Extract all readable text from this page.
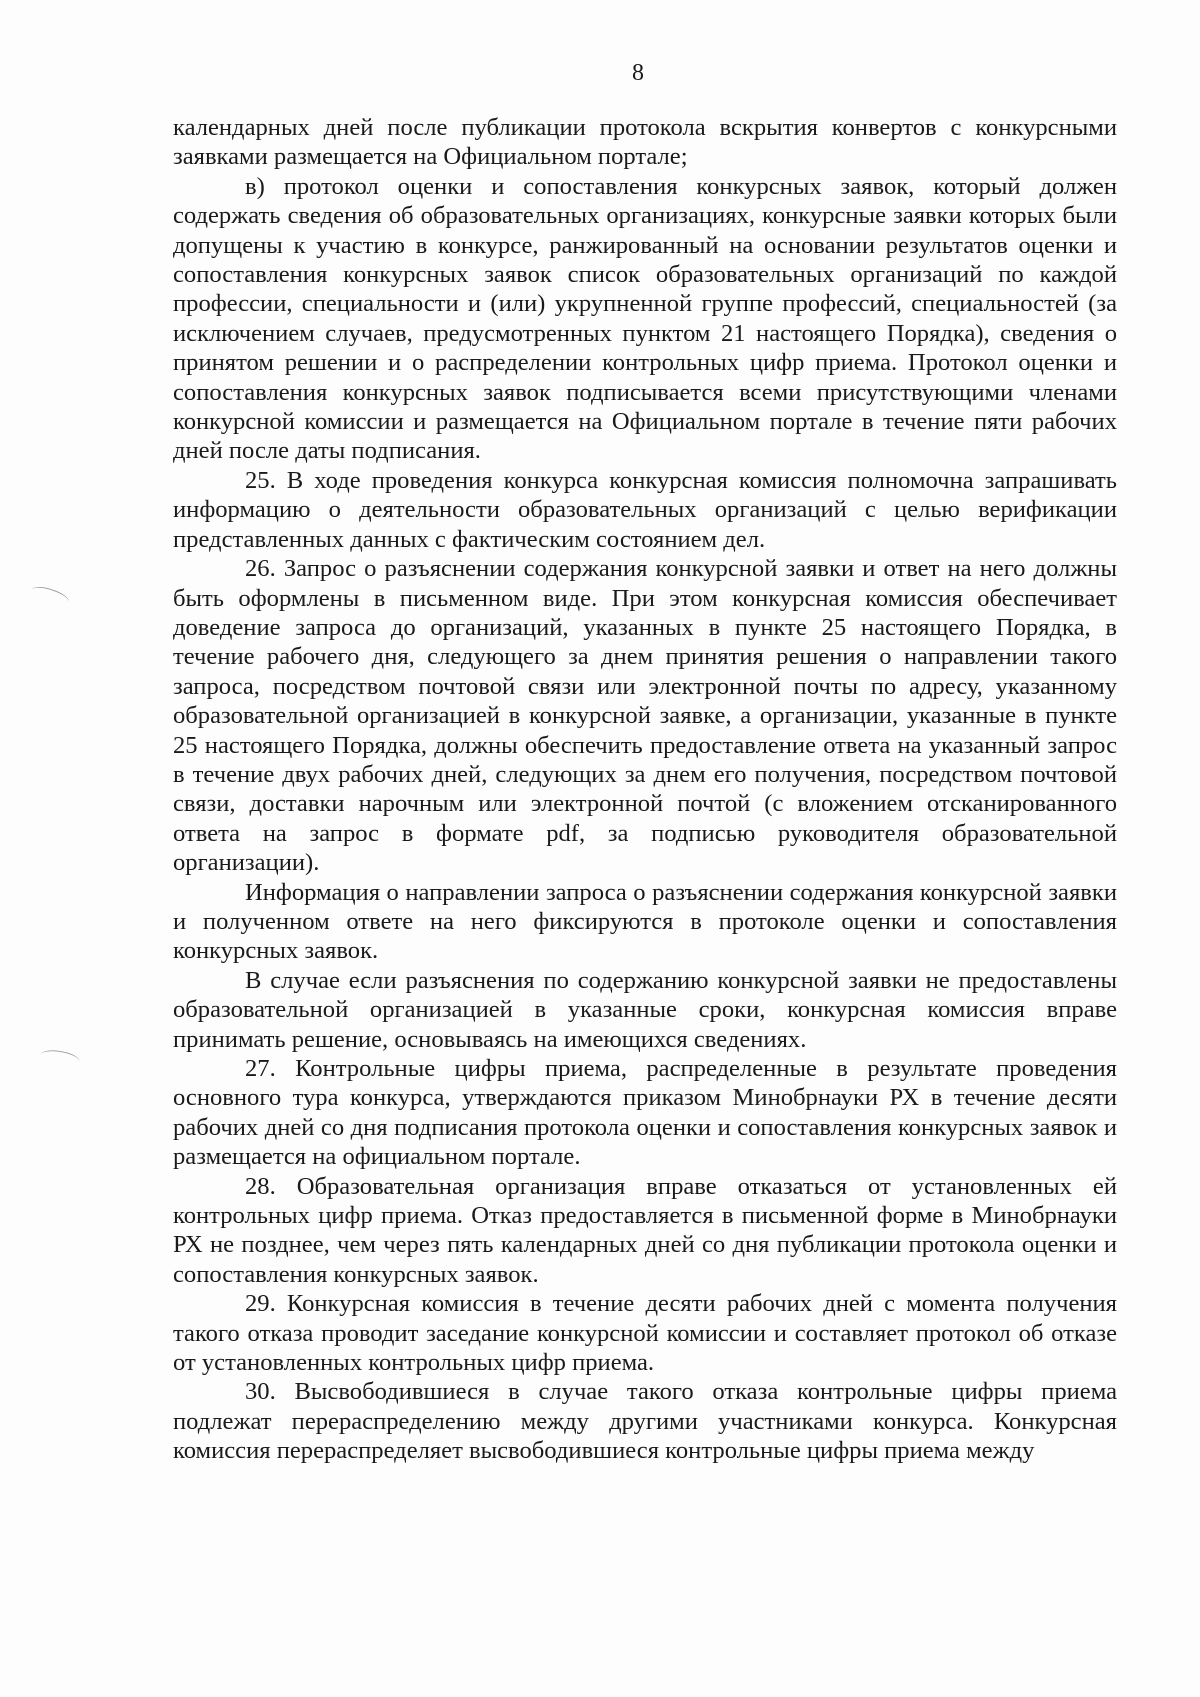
8

календарных дней после публикации протокола вскрытия конвертов с конкурсными заявками размещается на Официальном портале;

в) протокол оценки и сопоставления конкурсных заявок, который должен содержать сведения об образовательных организациях, конкурсные заявки которых были допущены к участию в конкурсе, ранжированный на основании результатов оценки и сопоставления конкурсных заявок список образовательных организаций по каждой профессии, специальности и (или) укрупненной группе профессий, специальностей (за исключением случаев, предусмотренных пунктом 21 настоящего Порядка), сведения о принятом решении и о распределении контрольных цифр приема. Протокол оценки и сопоставления конкурсных заявок подписывается всеми присутствующими членами конкурсной комиссии и размещается на Официальном портале в течение пяти рабочих дней после даты подписания.

25. В ходе проведения конкурса конкурсная комиссия полномочна запрашивать информацию о деятельности образовательных организаций с целью верификации представленных данных с фактическим состоянием дел.

26. Запрос о разъяснении содержания конкурсной заявки и ответ на него должны быть оформлены в письменном виде. При этом конкурсная комиссия обеспечивает доведение запроса до организаций, указанных в пункте 25 настоящего Порядка, в течение рабочего дня, следующего за днем принятия решения о направлении такого запроса, посредством почтовой связи или электронной почты по адресу, указанному образовательной организацией в конкурсной заявке, а организации, указанные в пункте 25 настоящего Порядка, должны обеспечить предоставление ответа на указанный запрос в течение двух рабочих дней, следующих за днем его получения, посредством почтовой связи, доставки нарочным или электронной почтой (с вложением отсканированного ответа на запрос в формате pdf, за подписью руководителя образовательной организации).

Информация о направлении запроса о разъяснении содержания конкурсной заявки и полученном ответе на него фиксируются в протоколе оценки и сопоставления конкурсных заявок.

В случае если разъяснения по содержанию конкурсной заявки не предоставлены образовательной организацией в указанные сроки, конкурсная комиссия вправе принимать решение, основываясь на имеющихся сведениях.

27. Контрольные цифры приема, распределенные в результате проведения основного тура конкурса, утверждаются приказом Минобрнауки РХ в течение десяти рабочих дней со дня подписания протокола оценки и сопоставления конкурсных заявок и размещается на официальном портале.

28. Образовательная организация вправе отказаться от установленных ей контрольных цифр приема. Отказ предоставляется в письменной форме в Минобрнауки РХ не позднее, чем через пять календарных дней со дня публикации протокола оценки и сопоставления конкурсных заявок.

29. Конкурсная комиссия в течение десяти рабочих дней с момента получения такого отказа проводит заседание конкурсной комиссии и составляет протокол об отказе от установленных контрольных цифр приема.

30. Высвободившиеся в случае такого отказа контрольные цифры приема подлежат перераспределению между другими участниками конкурса. Конкурсная комиссия перераспределяет высвободившиеся контрольные цифры приема между
